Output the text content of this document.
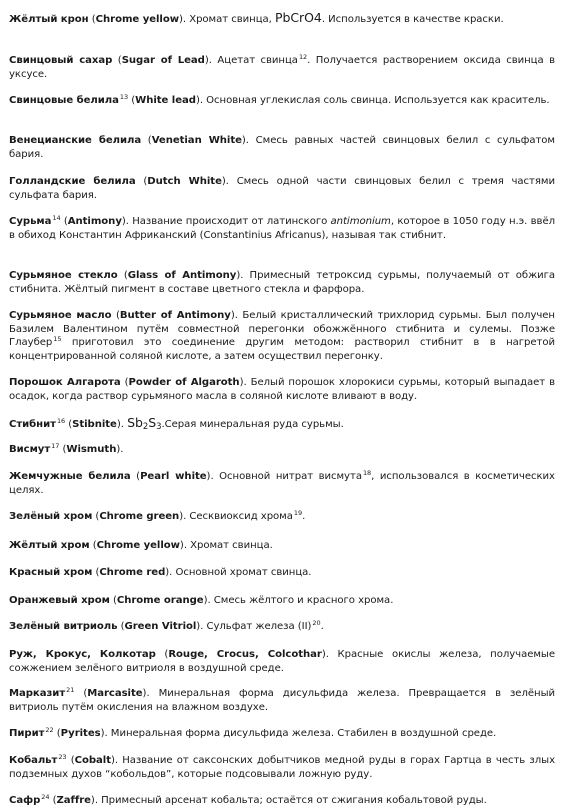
Жёлтый крон (Chrome yellow). Хромат свинца, PbCrO4. Используется в качестве краски.

Свинцовый сахар (Sugar of Lead). Ацетат свинца$^{12}$. Получается растворением оксида свинца в уксусе.

Свинцовые белила$^{13}$ (White lead). Основная углекислая соль свинца. Используется как краситель.

Венецианские белила (Venetian White). Смесь равных частей свинцовых белил с сульфатом бария.

Голландские белила (Dutch White). Смесь одной части свинцовых белил с тремя частями сульфата бария.

Сурьма$^{14}$ (Antimony). Название происходит от латинского antimonium, которое в 1050 году н.э. ввёл в обиход Константин Африканский (Constantinius Africanus), называя так стибнит.

Сурьмяное стекло (Glass of Antimony). Примесный тетроксид сурьмы, получаемый от обжига стибнита. Жёлтый пигмент в составе цветного стекла и фарфора.

Сурьмяное масло (Butter of Antimony). Белый кристаллический трихлорид сурьмы. Был получен Базилем Валентином путём совместной перегонки обожжённого стибнита и сулемы. Позже Глаубер$^{15}$ приготовил это соединение другим методом: растворил стибнит в в нагретой концентрированной соляной кислоте, а затем осуществил перегонку.

Порошок Алгарота (Powder of Algaroth). Белый порошок хлорокиси сурьмы, который выпадает в осадок, когда раствор сурьмяного масла в соляной кислоте вливают в воду.

Стибнит$^{16}$ (Stibnite). $Sb_2S_3.Серая$ минеральная руда сурьмы.

Висмут$^{17}$ (Wismuth).

Жемчужные белила (Pearl white). Основной нитрат висмута$^{18}$, использовался в косметических целях.

Зелёный хром (Chrome green). Сесквиоксид хрома$^{19}$.

Жёлтый хром (Chrome yellow). Хромат свинца.

Красный хром (Chrome red). Основной хромат свинца.

Оранжевый хром (Chrome orange). Смесь жёлтого и красного хрома.

Зелёный витриоль (Green Vitriol). Сульфат железа (II)$^{20}$.

Руж, Крокус, Колкотар (Rouge, Crocus, Colcothar). Красные окислы железа, получаемые сожжением зелёного витриоля в воздушной среде.

Марказит$^{21}$ (Marcasite). Минеральная форма дисульфида железа. Превращается в зелёный витриоль путём окисления на влажном воздухе.

Пирит$^{22}$ (Pyrites). Минеральная форма дисульфида железа. Стабилен в воздушной среде.

Кобальт$^{23}$ (Cobalt). Название от саксонских добытчиков медной руды в горах Гартца в честь злых подземных духов “кобольдов”, которые подсовывали ложную руду.

Сафр$^{24}$ (Zaffre). Примесный арсенат кобальта; остаётся от сжигания кобальтовой руды.
